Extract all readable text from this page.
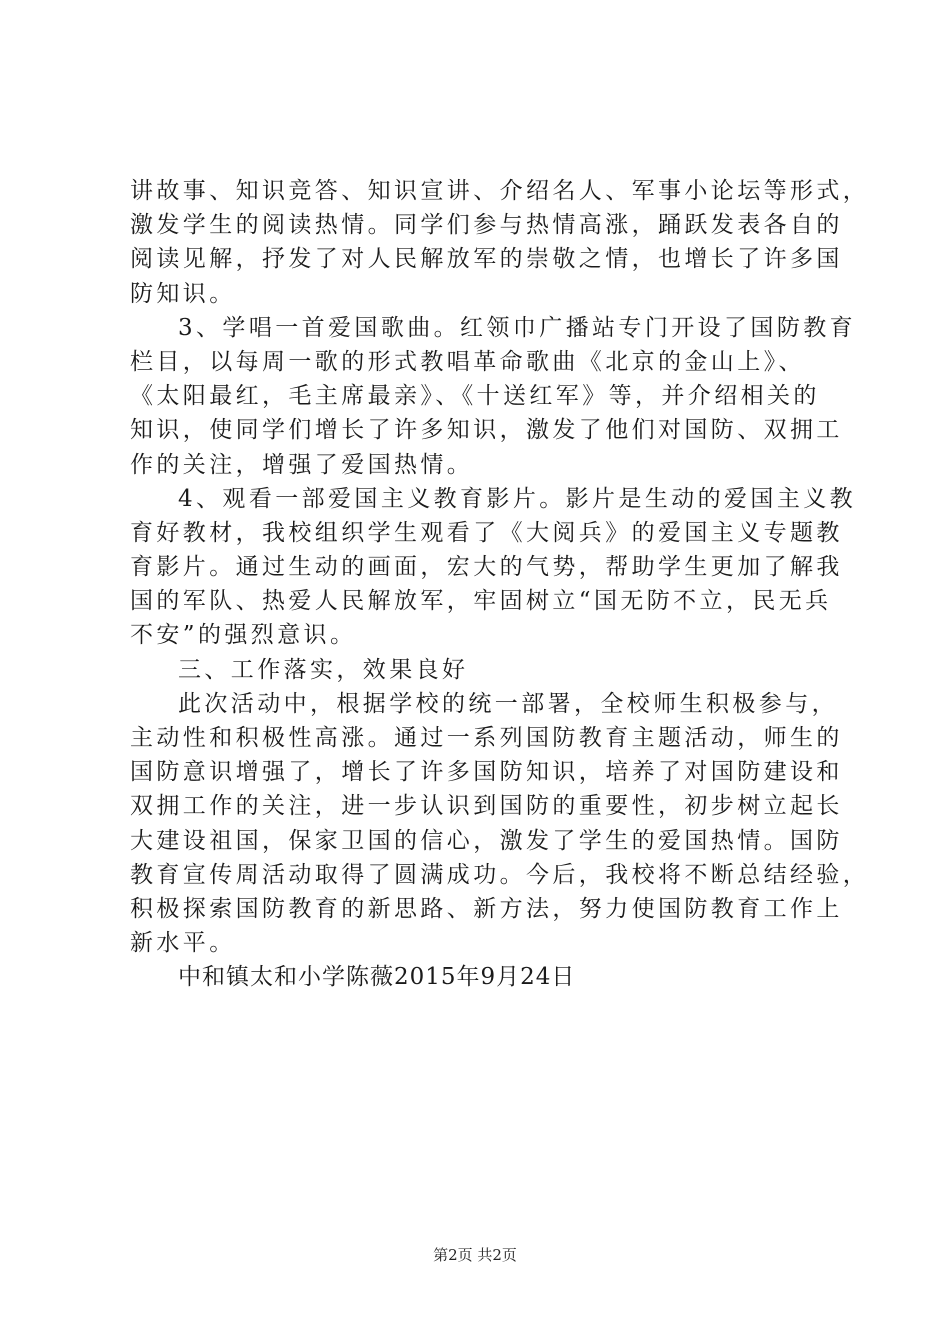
讲故事、知识竞答、知识宣讲、介绍名人、军事小论坛等形式，
激发学生的阅读热情。同学们参与热情高涨，踊跃发表各自的
阅读见解，抒发了对人民解放军的崇敬之情，也增长了许多国
防知识。
3、学唱一首爱国歌曲。红领巾广播站专门开设了国防教育
栏目，以每周一歌的形式教唱革命歌曲《北京的金山上》、
《太阳最红，毛主席最亲》、《十送红军》等，并介绍相关的
知识，使同学们增长了许多知识，激发了他们对国防、双拥工
作的关注，增强了爱国热情。
4、观看一部爱国主义教育影片。影片是生动的爱国主义教
育好教材，我校组织学生观看了《大阅兵》的爱国主义专题教
育影片。通过生动的画面，宏大的气势，帮助学生更加了解我
国的军队、热爱人民解放军，牢固树立“国无防不立，民无兵
不安”的强烈意识。
三、工作落实，效果良好
此次活动中，根据学校的统一部署，全校师生积极参与，
主动性和积极性高涨。通过一系列国防教育主题活动，师生的
国防意识增强了，增长了许多国防知识，培养了对国防建设和
双拥工作的关注，进一步认识到国防的重要性，初步树立起长
大建设祖国，保家卫国的信心，激发了学生的爱国热情。国防
教育宣传周活动取得了圆满成功。今后，我校将不断总结经验，
积极探索国防教育的新思路、新方法，努力使国防教育工作上
新水平。
中和镇太和小学陈薇2015年9月24日
第2页 共2页
